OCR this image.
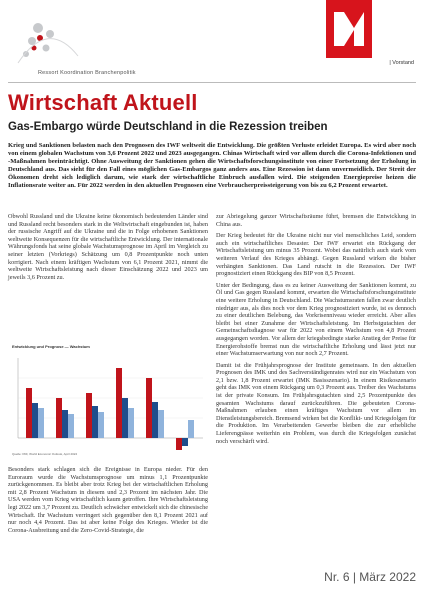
Ressort Koordination Branchenpolitik
| Vorstand
Wirtschaft Aktuell
Gas-Embargo würde Deutschland in die Rezession treiben

Krieg und Sanktionen belasten nach den Prognosen des IWF weltweit die Entwicklung. Die größten Verluste erleidet Europa. Es wird aber noch von einem globalen Wachstum von 3,6 Prozent 2022 und 2023 ausgegangen. Chinas Wirtschaft wird vor allem durch die Corona-Infektionen und -Maßnahmen beeinträchtigt. Ohne Ausweitung der Sanktionen gehen die Wirtschaftsforschungsinstitute von einer Fortsetzung der Erholung in Deutschland aus. Das sieht für den Fall eines möglichen Gas-Embargos ganz anders aus. Eine Rezession ist dann unvermeidlich. Der Streit der Ökonomen dreht sich lediglich darum, wie stark der wirtschaftliche Einbruch ausfallen wird. Die steigenden Energiepreise heizen die Inflationsrate weiter an. Für 2022 werden in den aktuellen Prognosen eine Verbraucherpreissteigerung von bis zu 6,2 Prozent erwartet.

Obwohl Russland und die Ukraine keine ökonomisch bedeutenden Länder sind und Russland recht besonders stark in die Weltwirtschaft eingebunden ist, haben der russische Angriff auf die Ukraine und die in Folge erhobenen Sanktionen weltweite Konsequenzen für die wirtschaftliche Entwicklung. Der internationale Währungsfonds hat seine globale Wachstumsprognose im April im Vergleich zu seiner letzten (Vorkriegs) Schätzung um 0,8 Prozentpunkte noch unten korrigiert. Nach einem kräftigen Wachstum von 6,1 Prozent 2021, nimmt die weltweite Wirtschaftsleistung nach dieser Einschätzung 2022 und 2023 um jeweils 3,6 Prozent zu.

Entwicklung und Prognose — Wachstum
Quelle: IWF, World Economic Outlook, April 2022

Besonders stark schlagen sich die Ereignisse in Europa nieder. Für den Euroraum wurde die Wachstumsprognose um minus 1,1 Prozentpunkte zurückgenommen. Es bleibt aber trotz Krieg bei der wirtschaftlichen Erholung mit 2,8 Prozent Wachstum in diesem und 2,3 Prozent im nächsten Jahr. Die USA werden vom Krieg wirtschaftlich kaum getroffen. Ihre Wirtschaftsleistung legt 2022 um 3,7 Prozent zu. Deutlich schwächer entwickelt sich die chinesische Wirtschaft. Ihr Wachstum verringert sich gegenüber den 8,1 Prozent 2021 auf nur noch 4,4 Prozent. Das ist aber keine Folge des Krieges. Wieder ist die Corona-Ausbreitung und die Zero-Covid-Strategie, die

zur Abriegelung ganzer Wirtschaftsräume führt, bremsen die Entwicklung in China aus.

Der Krieg bedeutet für die Ukraine nicht nur viel menschliches Leid, sondern auch ein wirtschaftliches Desaster. Der IWF erwartet ein Rückgang der Wirtschaftsleistung um minus 35 Prozent. Wobei das natürlich auch stark vom weiteren Verlauf des Krieges abhängt. Gegen Russland wirken die bisher verhängten Sanktionen. Das Land rutscht in die Rezession. Der IWF prognostiziert einen Rückgang des BIP von 8,5 Prozent.

Unter der Bedingung, dass es zu keiner Ausweitung der Sanktionen kommt, zu Öl und Gas gegen Russland kommt, erwarten die Wirtschaftsforschungsinstitute eine weitere Erholung in Deutschland. Die Wachstumsraten fallen zwar deutlich niedriger aus, als dies noch vor dem Krieg prognostiziert wurde, ist es dennoch zu einer deutlichen Belebung, das Vorkrisenniveau wieder erreicht. Aber alles bleibt bei einer Zunahme der Wirtschaftsleistung. Im Herbstgutachten der Gemeinschaftsdiagnose war für 2022 von einem Wachstum von 4,8 Prozent ausgegangen worden. Vor allem der kriegsbedingte starke Anstieg der Preise für Energierohstoffe bremst nun die wirtschaftliche Erholung und lässt jetzt nur einer Wachstumserwartung von nur noch 2,7 Prozent.

Damit ist die Frühjahrsprognose der Institute gemeinsam. In den aktuellen Prognosen des IMK und des Sachverständigenrates wird nur ein Wachstum von 2,1 bzw. 1,8 Prozent erwartet (IMK Basisszenario). In einem Risikoszenario geht das IMK von einem Rückgang um 0,3 Prozent aus. Treiber des Wachstums ist der private Konsum. Im Frühjahrsgutachten sind 2,5 Prozentpunkte des gesamten Wachstums darauf zurückzuführen. Die gebeuteten Corona-Maßnahmen erlauben einen kräftiges Wachstum vor allem im Dienstleistungsbereich. Bremsend wirken bei die Konflikt- und Kriegsfolgen für die Produktion. Im Verarbeitenden Gewerbe bleiben die zur erhebliche Lieferengpässe weiterhin ein Problem, was durch die Kriegsfolgen zunächst noch verschärft wird.

Nr. 6 | März 2022
